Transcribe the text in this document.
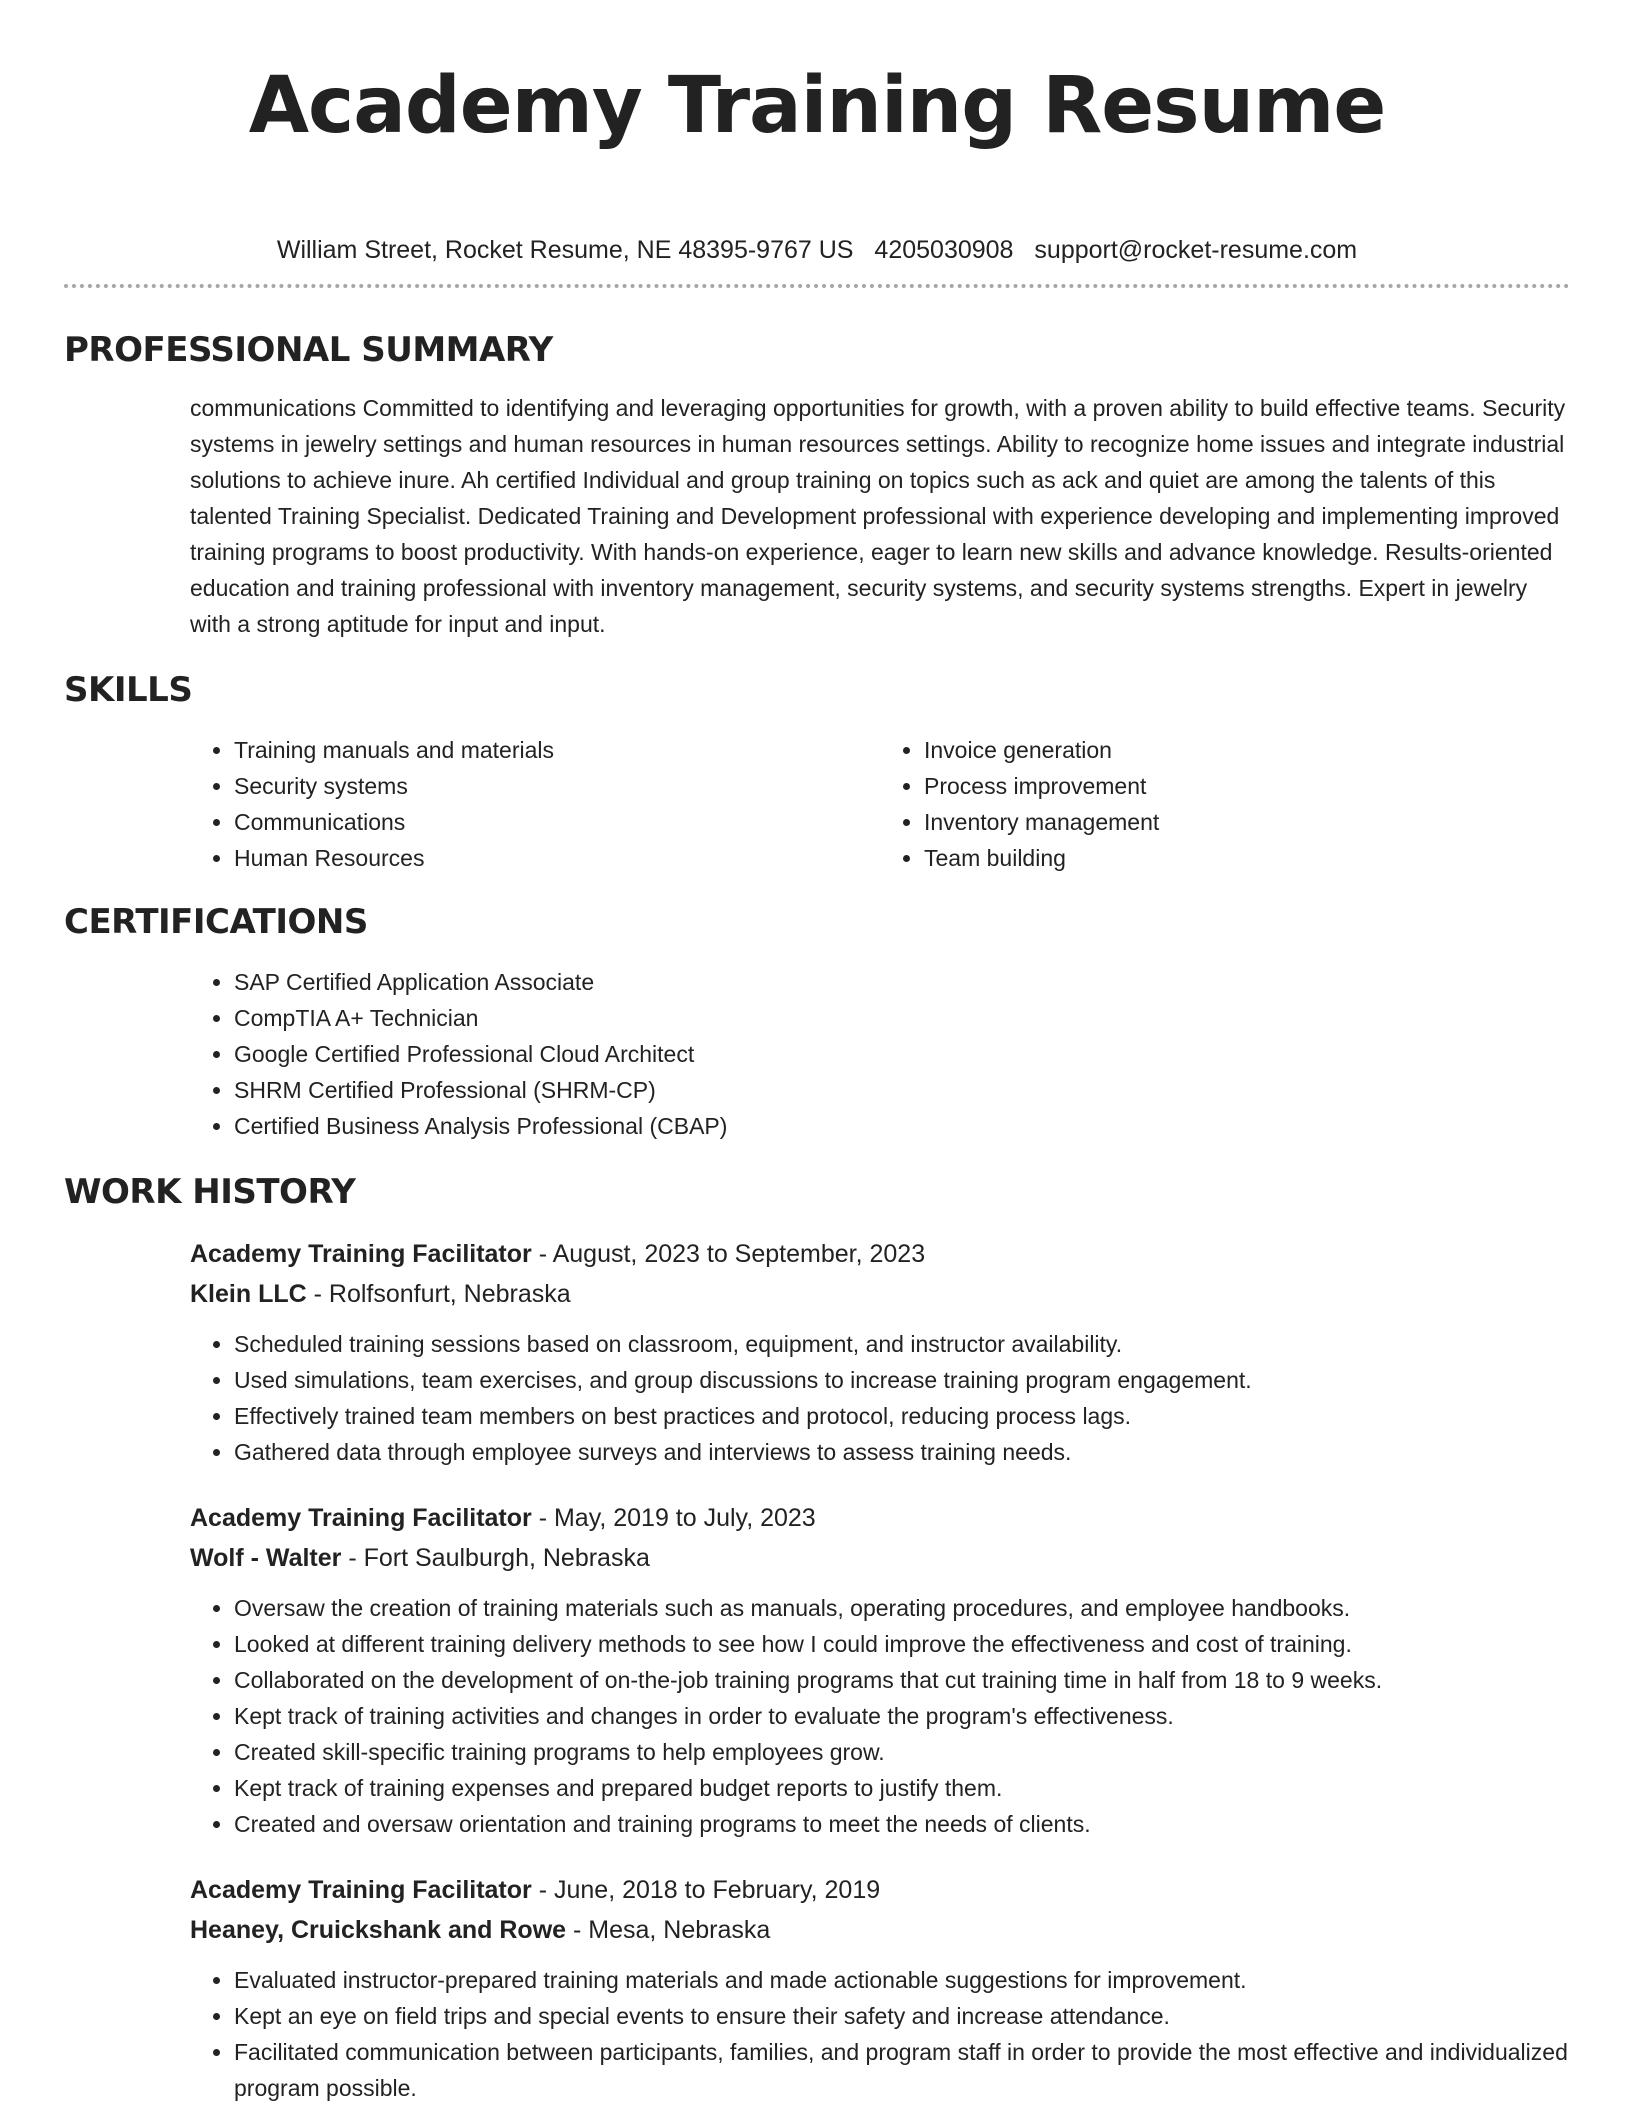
Academy Training Resume
William Street, Rocket Resume, NE 48395-9767 US 4205030908 support@rocket-resume.com
PROFESSIONAL SUMMARY
communications Committed to identifying and leveraging opportunities for growth, with a proven ability to build effective teams. Security systems in jewelry settings and human resources in human resources settings. Ability to recognize home issues and integrate industrial solutions to achieve inure. Ah certified Individual and group training on topics such as ack and quiet are among the talents of this talented Training Specialist. Dedicated Training and Development professional with experience developing and implementing improved training programs to boost productivity. With hands-on experience, eager to learn new skills and advance knowledge. Results-oriented education and training professional with inventory management, security systems, and security systems strengths. Expert in jewelry with a strong aptitude for input and input.
SKILLS
• Training manuals and materials
• Security systems
• Communications
• Human Resources
• Invoice generation
• Process improvement
• Inventory management
• Team building
CERTIFICATIONS
• SAP Certified Application Associate
• CompTIA A+ Technician
• Google Certified Professional Cloud Architect
• SHRM Certified Professional (SHRM-CP)
• Certified Business Analysis Professional (CBAP)
WORK HISTORY
Academy Training Facilitator - August, 2023 to September, 2023
Klein LLC - Rolfsonfurt, Nebraska
• Scheduled training sessions based on classroom, equipment, and instructor availability.
• Used simulations, team exercises, and group discussions to increase training program engagement.
• Effectively trained team members on best practices and protocol, reducing process lags.
• Gathered data through employee surveys and interviews to assess training needs.
Academy Training Facilitator - May, 2019 to July, 2023
Wolf - Walter - Fort Saulburgh, Nebraska
• Oversaw the creation of training materials such as manuals, operating procedures, and employee handbooks.
• Looked at different training delivery methods to see how I could improve the effectiveness and cost of training.
• Collaborated on the development of on-the-job training programs that cut training time in half from 18 to 9 weeks.
• Kept track of training activities and changes in order to evaluate the program's effectiveness.
• Created skill-specific training programs to help employees grow.
• Kept track of training expenses and prepared budget reports to justify them.
• Created and oversaw orientation and training programs to meet the needs of clients.
Academy Training Facilitator - June, 2018 to February, 2019
Heaney, Cruickshank and Rowe - Mesa, Nebraska
• Evaluated instructor-prepared training materials and made actionable suggestions for improvement.
• Kept an eye on field trips and special events to ensure their safety and increase attendance.
• Facilitated communication between participants, families, and program staff in order to provide the most effective and individualized program possible.
